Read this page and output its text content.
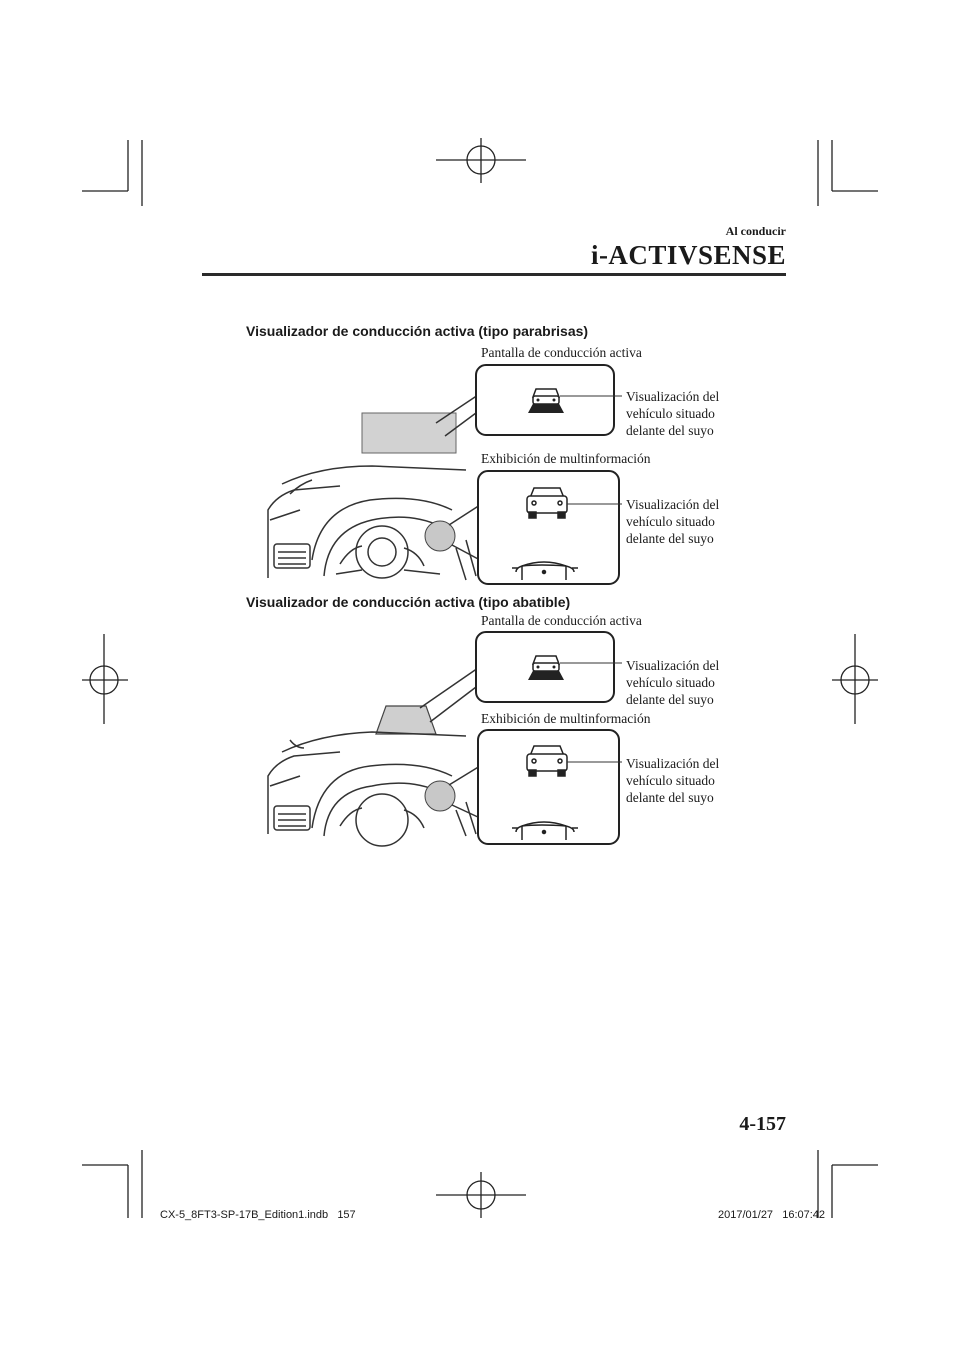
Al conducir
i-ACTIVSENSE
Visualizador de conducción activa (tipo parabrisas)
Pantalla de conducción activa
Visualización del
vehículo situado
delante del suyo
Exhibición de multinformación
Visualización del
vehículo situado
delante del suyo
Visualizador de conducción activa (tipo abatible)
Pantalla de conducción activa
Visualización del
vehículo situado
delante del suyo
Exhibición de multinformación
Visualización del
vehículo situado
delante del suyo
4-157
CX-5_8FT3-SP-17B_Edition1.indb   157	2017/01/27   16:07:42
